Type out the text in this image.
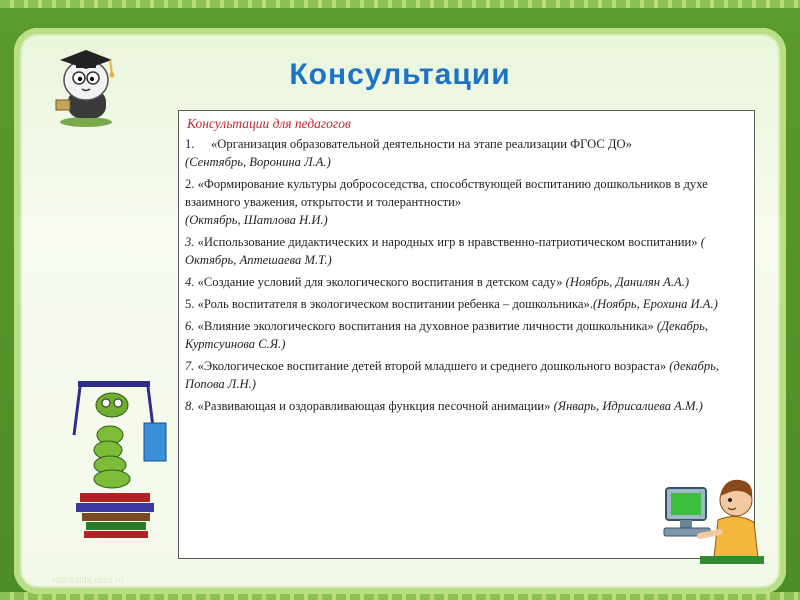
Консультации
Консультации для педагогов
1. «Организация образовательной деятельности на этапе реализации ФГОС ДО»
(Сентябрь, Воронина Л.А.)
2. «Формирование культуры добрососедства, способствующей воспитанию дошкольников в духе взаимного уважения, открытости и толерантности»
(Октябрь, Шатлова Н.И.)
3. «Использование дидактических и народных игр в нравственно-патриотическом воспитании» ( Октябрь, Аптешаева М.Т.)
4. «Создание условий для экологического воспитания в детском саду» (Ноябрь, Данилян А.А.)
5. «Роль воспитателя в экологическом воспитании ребенка – дошкольника».(Ноябрь, Ерохина И.А.)
6. «Влияние экологического воспитания на духовное развитие личности дошкольника» (Декабрь, Куртсуинова С.Я.)
7. «Экологическое воспитание детей второй младшего и среднего дошкольного возраста» (декабрь, Попова Л.Н.)
8. «Развивающая и оздоравливающая функция песочной анимации» (Январь, Идрисалиева А.М.)
http://aida.ucoz.ru
